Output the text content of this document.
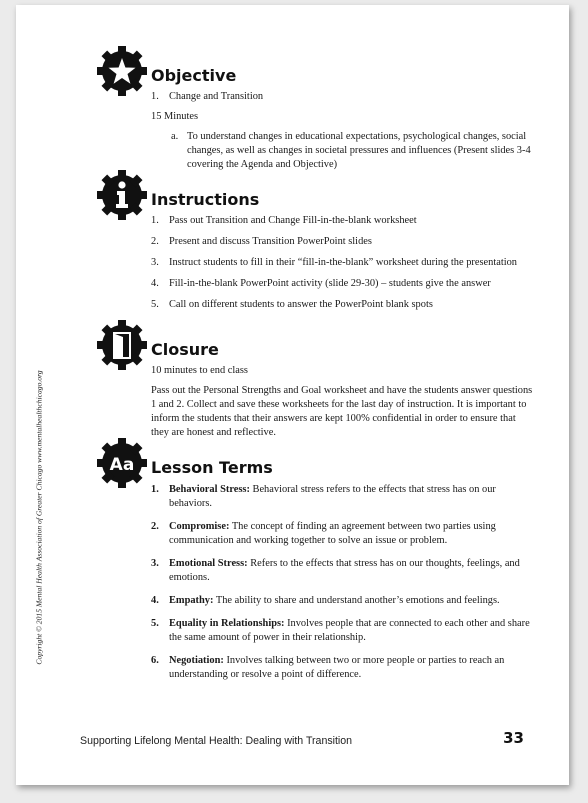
Copyright © 2015 Mental Health Association of Greater Chicago www.mentalhealthchicago.org
Objective
1. Change and Transition

15 Minutes

a. To understand changes in educational expectations, psychological changes, social changes, as well as changes in societal pressures and influences (Present slides 3-4 covering the Agenda and Objective)
Instructions
1. Pass out Transition and Change Fill-in-the-blank worksheet
2. Present and discuss Transition PowerPoint slides
3. Instruct students to fill in their “fill-in-the-blank” worksheet during the presentation
4. Fill-in-the-blank PowerPoint activity (slide 29-30) – students give the answer
5. Call on different students to answer the PowerPoint blank spots
Closure

10 minutes to end class

Pass out the Personal Strengths and Goal worksheet and have the students answer questions 1 and 2. Collect and save these worksheets for the last day of instruction. It is important to inform the students that their answers are kept 100% confidential in order to ensure that they are honest and reflective.

Aa Lesson Terms
1. Behavioral Stress: Behavioral stress refers to the effects that stress has on our behaviors.
2. Compromise: The concept of finding an agreement between two parties using communication and working together to solve an issue or problem.
3. Emotional Stress: Refers to the effects that stress has on our thoughts, feelings, and emotions.
4. Empathy: The ability to share and understand another’s emotions and feelings.
5. Equality in Relationships: Involves people that are connected to each other and share the same amount of power in their relationship.
6. Negotiation: Involves talking between two or more people or parties to reach an understanding or resolve a point of difference.
Supporting Lifelong Mental Health: Dealing with Transition	33
